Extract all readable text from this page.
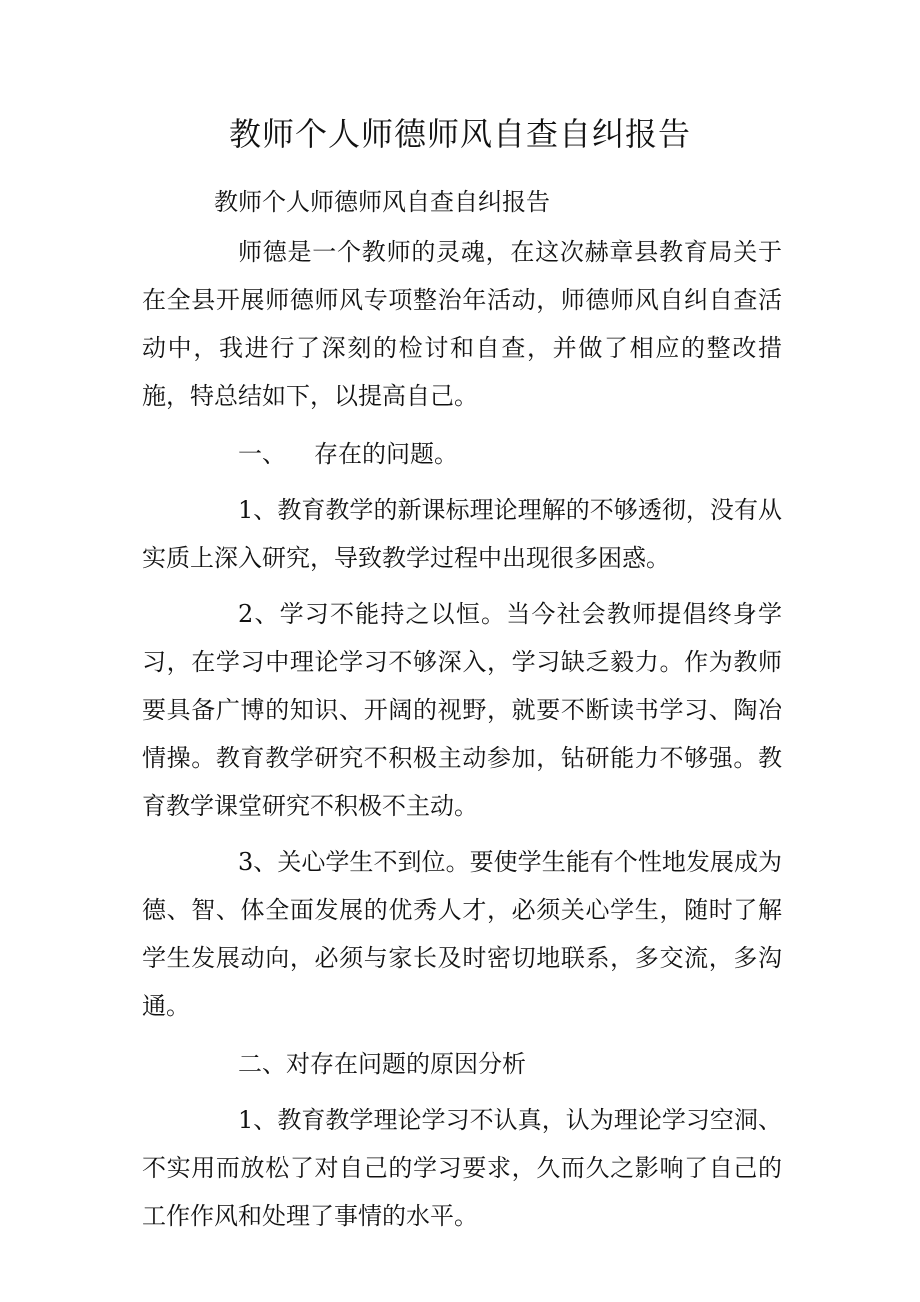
教师个人师德师风自查自纠报告
教师个人师德师风自查自纠报告

师德是一个教师的灵魂，在这次赫章县教育局关于在全县开展师德师风专项整治年活动，师德师风自纠自查活动中，我进行了深刻的检讨和自查，并做了相应的整改措施，特总结如下，以提高自己。

一、 存在的问题。

1、教育教学的新课标理论理解的不够透彻，没有从实质上深入研究，导致教学过程中出现很多困惑。

2、学习不能持之以恒。当今社会教师提倡终身学习，在学习中理论学习不够深入，学习缺乏毅力。作为教师要具备广博的知识、开阔的视野，就要不断读书学习、陶冶情操。教育教学研究不积极主动参加，钻研能力不够强。教育教学课堂研究不积极不主动。

3、关心学生不到位。要使学生能有个性地发展成为德、智、体全面发展的优秀人才，必须关心学生，随时了解学生发展动向，必须与家长及时密切地联系，多交流，多沟通。

二、对存在问题的原因分析

1、教育教学理论学习不认真，认为理论学习空洞、不实用而放松了对自己的学习要求，久而久之影响了自己的工作作风和处理了事情的水平。
